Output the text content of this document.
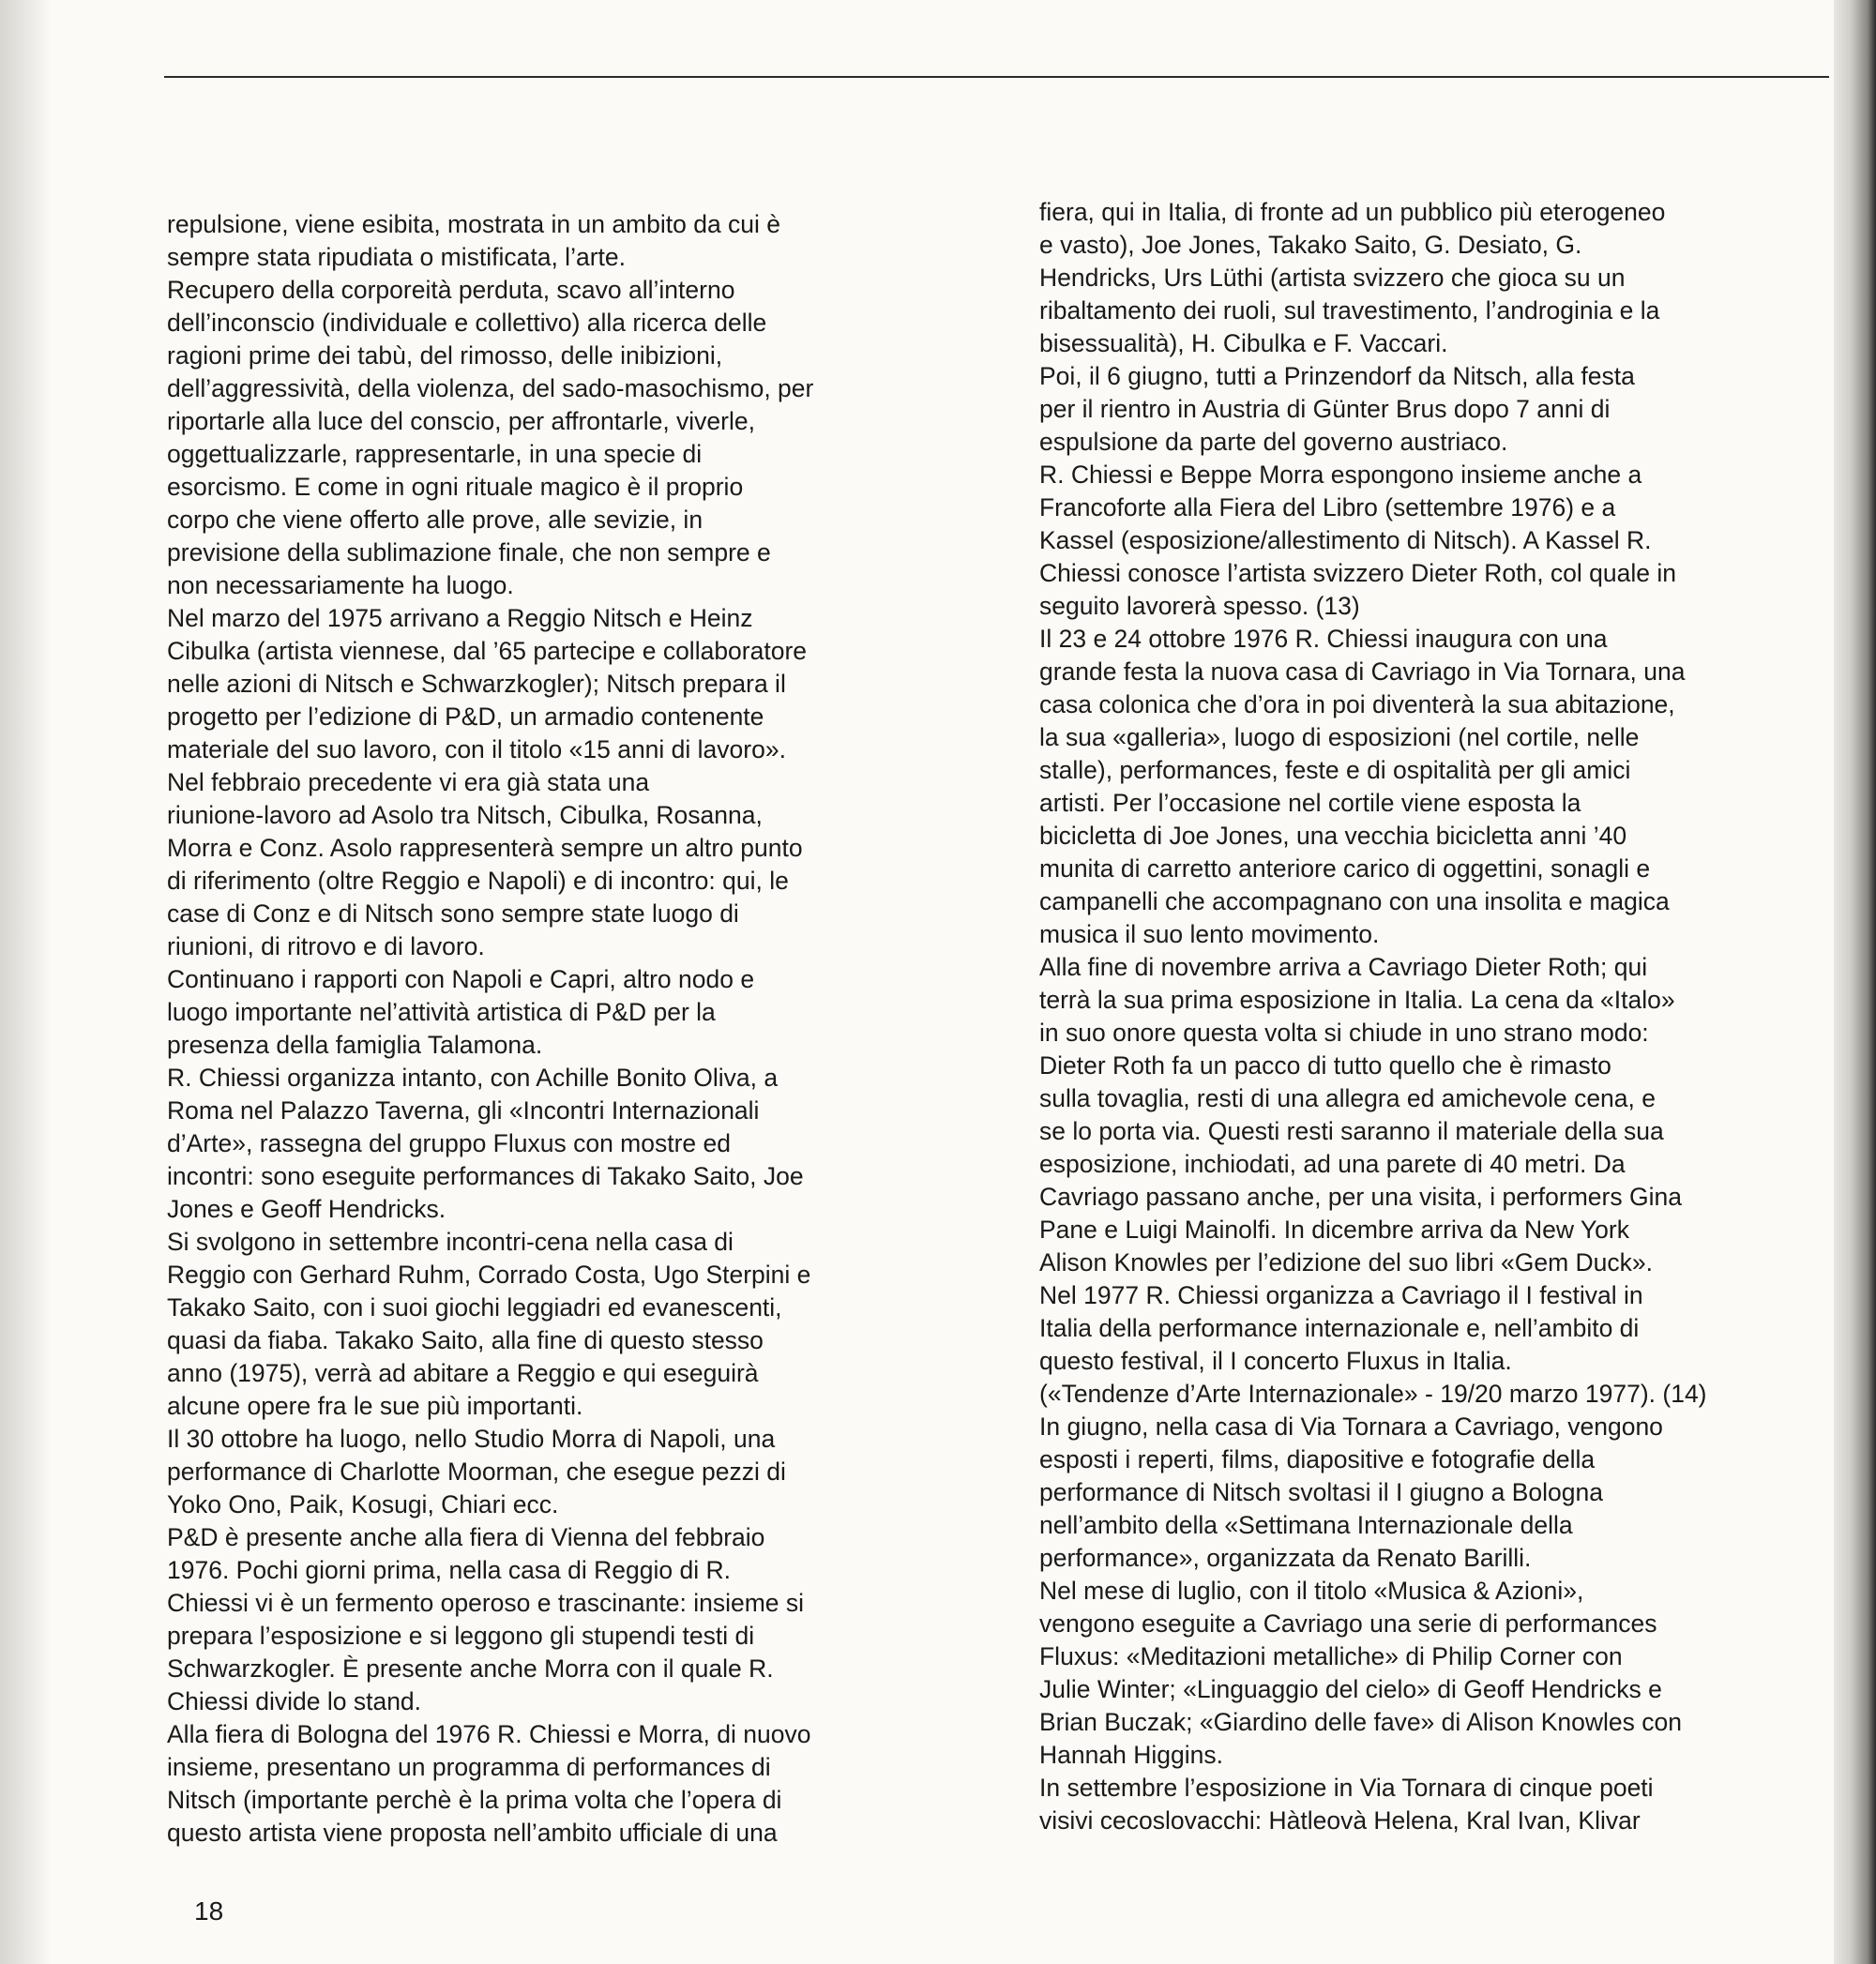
repulsione, viene esibita, mostrata in un ambito da cui è
sempre stata ripudiata o mistificata, l’arte.
Recupero della corporeità perduta, scavo all’interno
dell’inconscio (individuale e collettivo) alla ricerca delle
ragioni prime dei tabù, del rimosso, delle inibizioni,
dell’aggressività, della violenza, del sado-masochismo, per
riportarle alla luce del conscio, per affrontarle, viverle,
oggettualizzarle, rappresentarle, in una specie di
esorcismo. E come in ogni rituale magico è il proprio
corpo che viene offerto alle prove, alle sevizie, in
previsione della sublimazione finale, che non sempre e
non necessariamente ha luogo.
Nel marzo del 1975 arrivano a Reggio Nitsch e Heinz
Cibulka (artista viennese, dal ’65 partecipe e collaboratore
nelle azioni di Nitsch e Schwarzkogler); Nitsch prepara il
progetto per l’edizione di P&D, un armadio contenente
materiale del suo lavoro, con il titolo «15 anni di lavoro».
Nel febbraio precedente vi era già stata una
riunione-lavoro ad Asolo tra Nitsch, Cibulka, Rosanna,
Morra e Conz. Asolo rappresenterà sempre un altro punto
di riferimento (oltre Reggio e Napoli) e di incontro: qui, le
case di Conz e di Nitsch sono sempre state luogo di
riunioni, di ritrovo e di lavoro.
Continuano i rapporti con Napoli e Capri, altro nodo e
luogo importante nel’attività artistica di P&D per la
presenza della famiglia Talamona.
R. Chiessi organizza intanto, con Achille Bonito Oliva, a
Roma nel Palazzo Taverna, gli «Incontri Internazionali
d’Arte», rassegna del gruppo Fluxus con mostre ed
incontri: sono eseguite performances di Takako Saito, Joe
Jones e Geoff Hendricks.
Si svolgono in settembre incontri-cena nella casa di
Reggio con Gerhard Ruhm, Corrado Costa, Ugo Sterpini e
Takako Saito, con i suoi giochi leggiadri ed evanescenti,
quasi da fiaba. Takako Saito, alla fine di questo stesso
anno (1975), verrà ad abitare a Reggio e qui eseguirà
alcune opere fra le sue più importanti.
Il 30 ottobre ha luogo, nello Studio Morra di Napoli, una
performance di Charlotte Moorman, che esegue pezzi di
Yoko Ono, Paik, Kosugi, Chiari ecc.
P&D è presente anche alla fiera di Vienna del febbraio
1976. Pochi giorni prima, nella casa di Reggio di R.
Chiessi vi è un fermento operoso e trascinante: insieme si
prepara l’esposizione e si leggono gli stupendi testi di
Schwarzkogler. È presente anche Morra con il quale R.
Chiessi divide lo stand.
Alla fiera di Bologna del 1976 R. Chiessi e Morra, di nuovo
insieme, presentano un programma di performances di
Nitsch (importante perchè è la prima volta che l’opera di
questo artista viene proposta nell’ambito ufficiale di una
fiera, qui in Italia, di fronte ad un pubblico più eterogeneo
e vasto), Joe Jones, Takako Saito, G. Desiato, G.
Hendricks, Urs Lüthi (artista svizzero che gioca su un
ribaltamento dei ruoli, sul travestimento, l’androginia e la
bisessualità), H. Cibulka e F. Vaccari.
Poi, il 6 giugno, tutti a Prinzendorf da Nitsch, alla festa
per il rientro in Austria di Günter Brus dopo 7 anni di
espulsione da parte del governo austriaco.
R. Chiessi e Beppe Morra espongono insieme anche a
Francoforte alla Fiera del Libro (settembre 1976) e a
Kassel (esposizione/allestimento di Nitsch). A Kassel R.
Chiessi conosce l’artista svizzero Dieter Roth, col quale in
seguito lavorerà spesso. (13)
Il 23 e 24 ottobre 1976 R. Chiessi inaugura con una
grande festa la nuova casa di Cavriago in Via Tornara, una
casa colonica che d’ora in poi diventerà la sua abitazione,
la sua «galleria», luogo di esposizioni (nel cortile, nelle
stalle), performances, feste e di ospitalità per gli amici
artisti. Per l’occasione nel cortile viene esposta la
bicicletta di Joe Jones, una vecchia bicicletta anni ’40
munita di carretto anteriore carico di oggettini, sonagli e
campanelli che accompagnano con una insolita e magica
musica il suo lento movimento.
Alla fine di novembre arriva a Cavriago Dieter Roth; qui
terrà la sua prima esposizione in Italia. La cena da «Italo»
in suo onore questa volta si chiude in uno strano modo:
Dieter Roth fa un pacco di tutto quello che è rimasto
sulla tovaglia, resti di una allegra ed amichevole cena, e
se lo porta via. Questi resti saranno il materiale della sua
esposizione, inchiodati, ad una parete di 40 metri. Da
Cavriago passano anche, per una visita, i performers Gina
Pane e Luigi Mainolfi. In dicembre arriva da New York
Alison Knowles per l’edizione del suo libri «Gem Duck».
Nel 1977 R. Chiessi organizza a Cavriago il I festival in
Italia della performance internazionale e, nell’ambito di
questo festival, il I concerto Fluxus in Italia.
(«Tendenze d’Arte Internazionale» - 19/20 marzo 1977). (14)
In giugno, nella casa di Via Tornara a Cavriago, vengono
esposti i reperti, films, diapositive e fotografie della
performance di Nitsch svoltasi il I giugno a Bologna
nell’ambito della «Settimana Internazionale della
performance», organizzata da Renato Barilli.
Nel mese di luglio, con il titolo «Musica & Azioni»,
vengono eseguite a Cavriago una serie di performances
Fluxus: «Meditazioni metalliche» di Philip Corner con
Julie Winter; «Linguaggio del cielo» di Geoff Hendricks e
Brian Buczak; «Giardino delle fave» di Alison Knowles con
Hannah Higgins.
In settembre l’esposizione in Via Tornara di cinque poeti
visivi cecoslovacchi: Hàtleovà Helena, Kral Ivan, Klivar
18
